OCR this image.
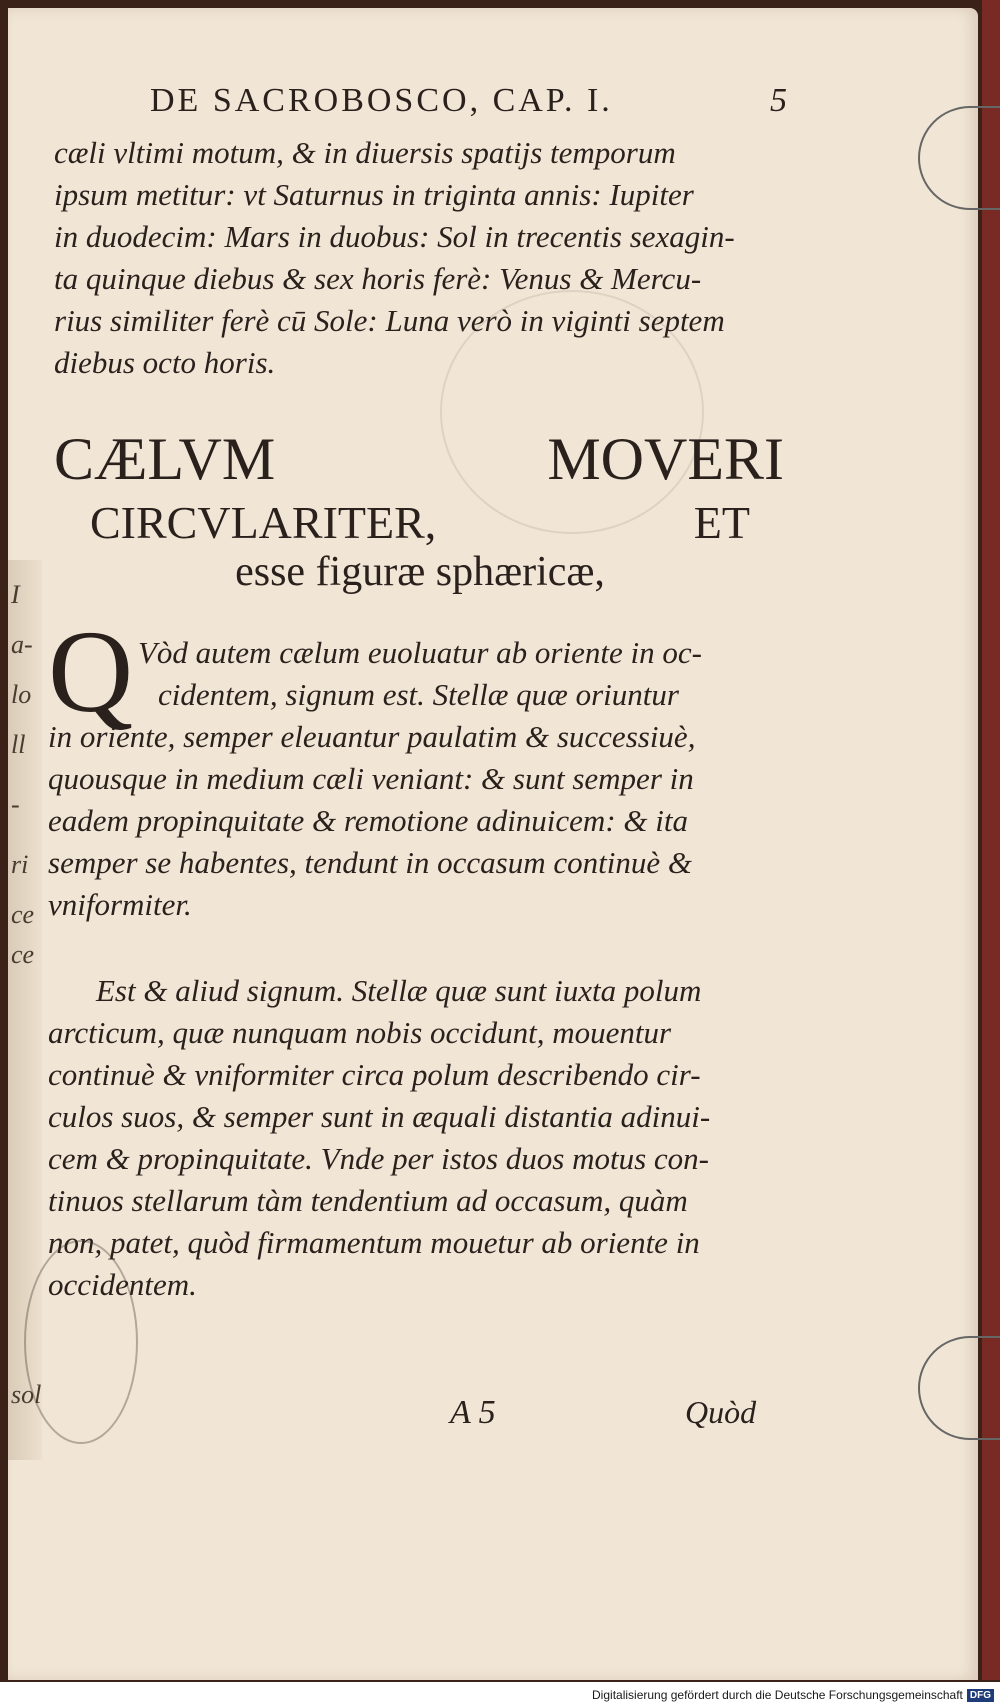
I
a-
lo
ll
-
ri
ce
ce
sol
DE SACROBOSCO, CAP. I.	5
cæli vltimi motum, & in diuersis spatijs temporum
ipsum metitur: vt Saturnus in triginta annis: Iupiter
in duodecim: Mars in duobus: Sol in trecentis sexagin-
ta quinque diebus & sex horis ferè: Venus & Mercu-
rius similiter ferè cū Sole: Luna verò in viginti septem
diebus octo horis.
CÆLVM	MOVERI
CIRCVLARITER,	ET
esse figuræ sphæricæ,
Q Vòd autem cælum euoluatur ab oriente in oc-
cidentem, signum est. Stellæ quæ oriuntur
in oriente, semper eleuantur paulatim & successiuè,
quousque in medium cæli veniant: & sunt semper in
eadem propinquitate & remotione adinuicem: & ita
semper se habentes, tendunt in occasum continuè &
vniformiter.
Est & aliud signum. Stellæ quæ sunt iuxta polum
arcticum, quæ nunquam nobis occidunt, mouentur
continuè & vniformiter circa polum describendo cir-
culos suos, & semper sunt in æquali distantia adinui-
cem & propinquitate. Vnde per istos duos motus con-
tinuos stellarum tàm tendentium ad occasum, quàm
non, patet, quòd firmamentum mouetur ab oriente in
occidentem.
A 5	Quòd
Digitalisierung gefördert durch die Deutsche Forschungsgemeinschaft DFG
